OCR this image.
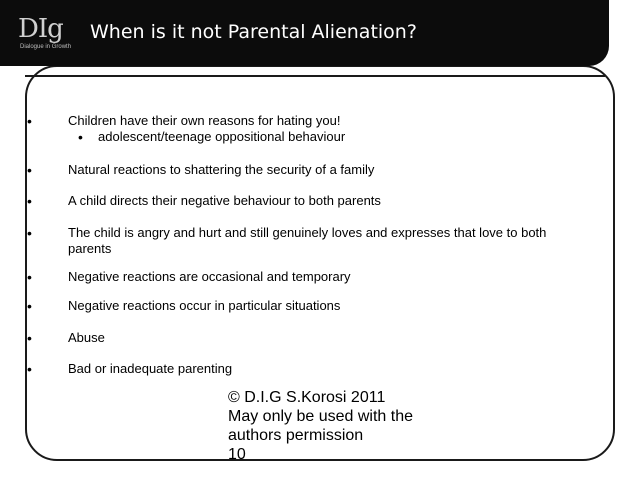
DIg
Dialogue in Growth
When is it not Parental Alienation?
•	Children have their own reasons for hating you!
• adolescent/teenage oppositional behaviour
•	Natural reactions to shattering the security of a family
•	A child directs their negative behaviour to both parents
•	The child is angry and hurt and still genuinely loves and expresses that love to both parents
•	Negative reactions are occasional and temporary
•	Negative reactions occur in particular situations
•	Abuse
•	Bad or inadequate parenting
© D.I.G S.Korosi 2011
May only be used with the
authors permission
10
